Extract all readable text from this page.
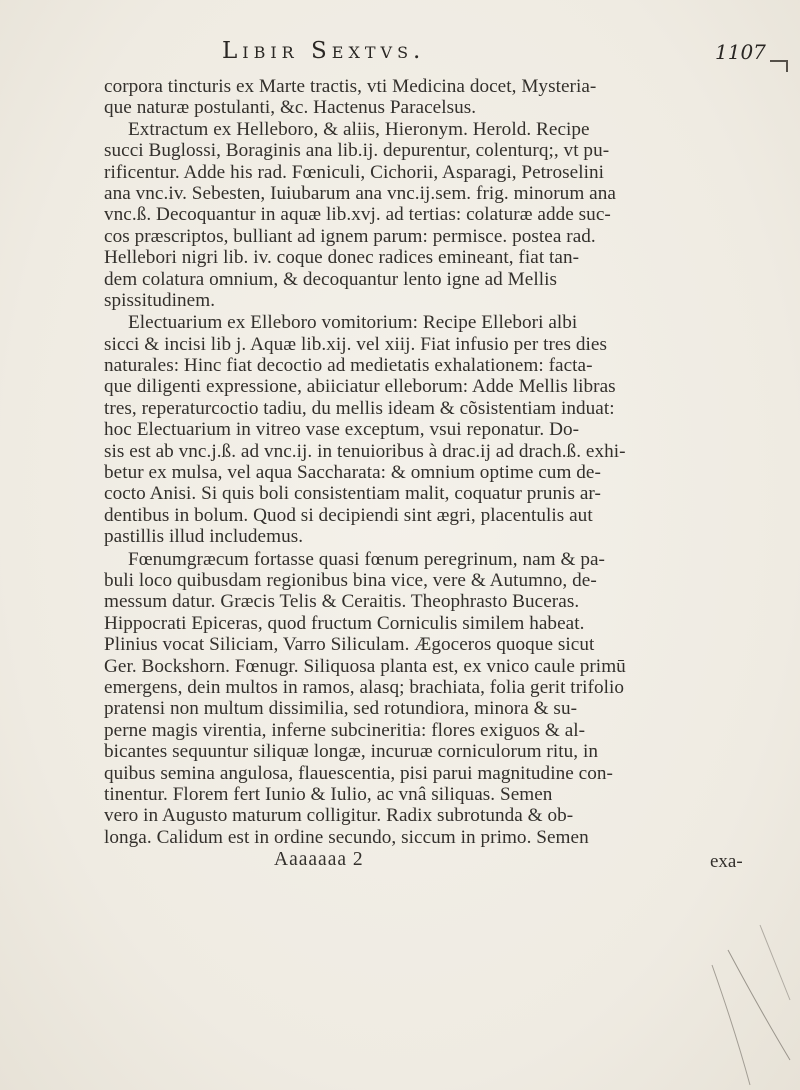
Libir Sextvs.	1107
corpora tincturis ex Marte tractis, vti Medicina docet, Mysteria-
que naturæ postulanti, &c. Hactenus Paracelsus.
Extractum ex Helleboro, & aliis, Hieronym. Herold. Recipe
succi Buglossi, Boraginis ana lib.ij. depurentur, colenturq;, vt pu-
rificentur. Adde his rad. Fœniculi, Cichorii, Asparagi, Petroselini
ana vnc.iv. Sebesten, Iuiubarum ana vnc.ij.sem. frig. minorum ana
vnc.ß. Decoquantur in aquæ lib.xvj. ad tertias: colaturæ adde suc-
cos præscriptos, bulliant ad ignem parum: permisce. postea rad.
Hellebori nigri lib. iv. coque donec radices emineant, fiat tan-
dem colatura omnium, & decoquantur lento igne ad Mellis
spissitudinem.
Electuarium ex Elleboro vomitorium: Recipe Ellebori albi
sicci & incisi lib j. Aquæ lib.xij. vel xiij. Fiat infusio per tres dies
naturales: Hinc fiat decoctio ad medietatis exhalationem: facta-
que diligenti expressione, abiiciatur elleborum: Adde Mellis libras
tres, reperaturcoctio tadiu, du mellis ideam & cõsistentiam induat:
hoc Electuarium in vitreo vase exceptum, vsui reponatur. Do-
sis est ab vnc.j.ß. ad vnc.ij. in tenuioribus à drac.ij ad drach.ß. exhi-
betur ex mulsa, vel aqua Saccharata: & omnium optime cum de-
cocto Anisi. Si quis boli consistentiam malit, coquatur prunis ar-
dentibus in bolum. Quod si decipiendi sint ægri, placentulis aut
pastillis illud includemus.
Fœnumgræcum fortasse quasi fœnum peregrinum, nam & pa-
buli loco quibusdam regionibus bina vice, vere & Autumno, de-
messum datur. Græcis Telis & Ceraitis. Theophrasto Buceras.
Hippocrati Epiceras, quod fructum Corniculis similem habeat.
Plinius vocat Siliciam, Varro Siliculam. Ægoceros quoque sicut
Ger. Bockshorn. Fœnugr. Siliquosa planta est, ex vnico caule primū
emergens, dein multos in ramos, alasq; brachiata, folia gerit trifolio
pratensi non multum dissimilia, sed rotundiora, minora & su-
perne magis virentia, inferne subcineritia: flores exiguos & al-
bicantes sequuntur siliquæ longæ, incuruæ corniculorum ritu, in
quibus semina angulosa, flauescentia, pisi parui magnitudine con-
tinentur. Florem fert Iunio & Iulio, ac vnâ siliquas. Semen
vero in Augusto maturum colligitur. Radix subrotunda & ob-
longa. Calidum est in ordine secundo, siccum in primo. Semen
Aaaaaaa 2	exa-
